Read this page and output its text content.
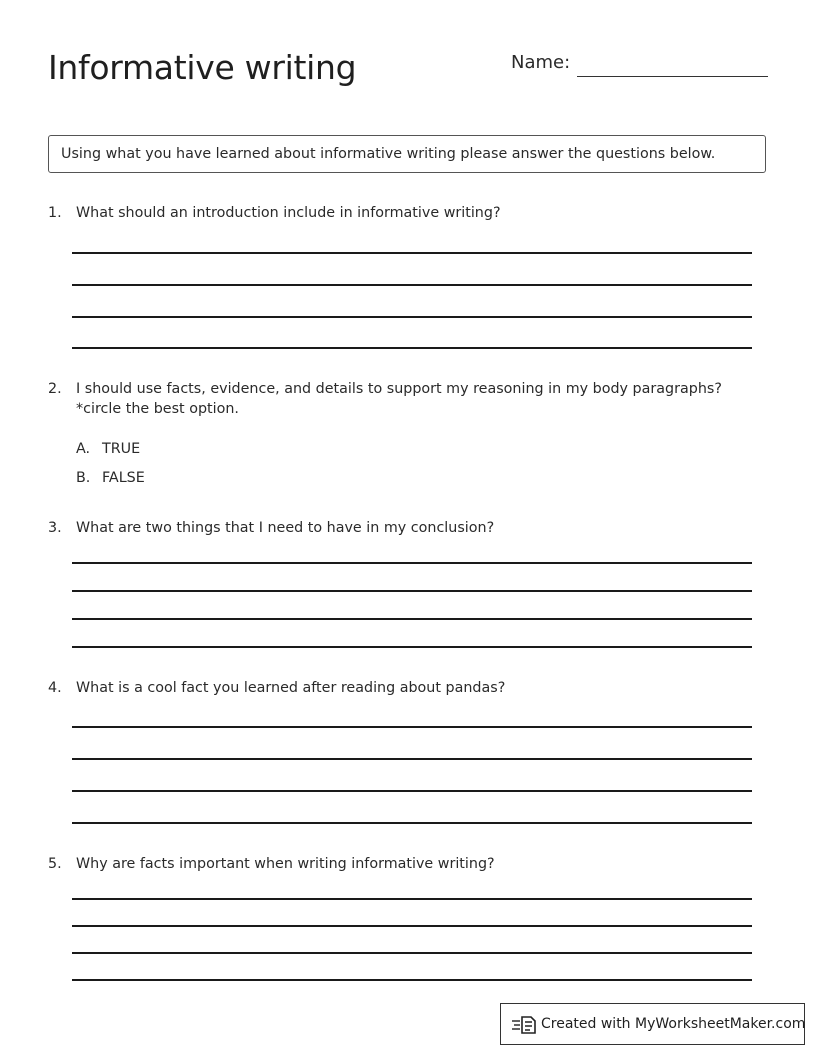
Informative writing	Name:
Using what you have learned about informative writing please answer the questions below.
1.	What should an introduction include in informative writing?
2.	I should use facts, evidence, and details to support my reasoning in my body paragraphs? *circle the best option.
A. TRUE
B. FALSE
3.	What are two things that I need to have in my conclusion?
4.	What is a cool fact you learned after reading about pandas?
5.	Why are facts important when writing informative writing?
Created with MyWorksheetMaker.com
